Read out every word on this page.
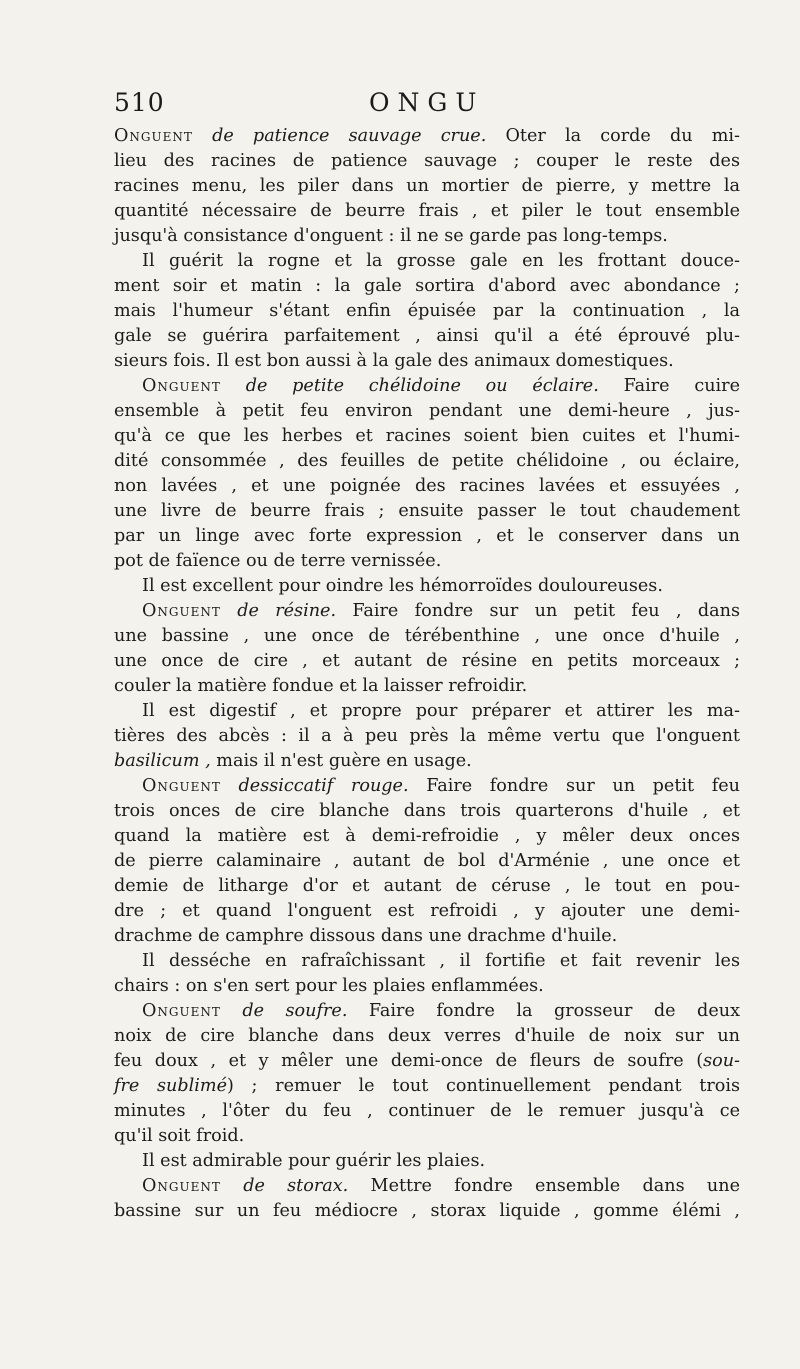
510	ONGU
Onguent de patience sauvage crue. Oter la corde du mi-
lieu des racines de patience sauvage ; couper le reste des
racines menu, les piler dans un mortier de pierre, y mettre la
quantité nécessaire de beurre frais , et piler le tout ensemble
jusqu'à consistance d'onguent : il ne se garde pas long-temps.
Il guérit la rogne et la grosse gale en les frottant douce-
ment soir et matin : la gale sortira d'abord avec abondance ;
mais l'humeur s'étant enfin épuisée par la continuation , la
gale se guérira parfaitement , ainsi qu'il a été éprouvé plu-
sieurs fois. Il est bon aussi à la gale des animaux domestiques.
Onguent de petite chélidoine ou éclaire. Faire cuire
ensemble à petit feu environ pendant une demi-heure , jus-
qu'à ce que les herbes et racines soient bien cuites et l'humi-
dité consommée , des feuilles de petite chélidoine , ou éclaire,
non lavées , et une poignée des racines lavées et essuyées ,
une livre de beurre frais ; ensuite passer le tout chaudement
par un linge avec forte expression , et le conserver dans un
pot de faïence ou de terre vernissée.
Il est excellent pour oindre les hémorroïdes douloureuses.
Onguent de résine. Faire fondre sur un petit feu , dans
une bassine , une once de térébenthine , une once d'huile ,
une once de cire , et autant de résine en petits morceaux ;
couler la matière fondue et la laisser refroidir.
Il est digestif , et propre pour préparer et attirer les ma-
tières des abcès : il a à peu près la même vertu que l'onguent
basilicum , mais il n'est guère en usage.
Onguent dessiccatif rouge. Faire fondre sur un petit feu
trois onces de cire blanche dans trois quarterons d'huile , et
quand la matière est à demi-refroidie , y mêler deux onces
de pierre calaminaire , autant de bol d'Arménie , une once et
demie de litharge d'or et autant de céruse , le tout en pou-
dre ; et quand l'onguent est refroidi , y ajouter une demi-
drachme de camphre dissous dans une drachme d'huile.
Il desséche en rafraîchissant , il fortifie et fait revenir les
chairs : on s'en sert pour les plaies enflammées.
Onguent de soufre. Faire fondre la grosseur de deux
noix de cire blanche dans deux verres d'huile de noix sur un
feu doux , et y mêler une demi-once de fleurs de soufre (sou-
fre sublimé) ; remuer le tout continuellement pendant trois
minutes , l'ôter du feu , continuer de le remuer jusqu'à ce
qu'il soit froid.
Il est admirable pour guérir les plaies.
Onguent de storax. Mettre fondre ensemble dans une
bassine sur un feu médiocre , storax liquide , gomme élémi ,
